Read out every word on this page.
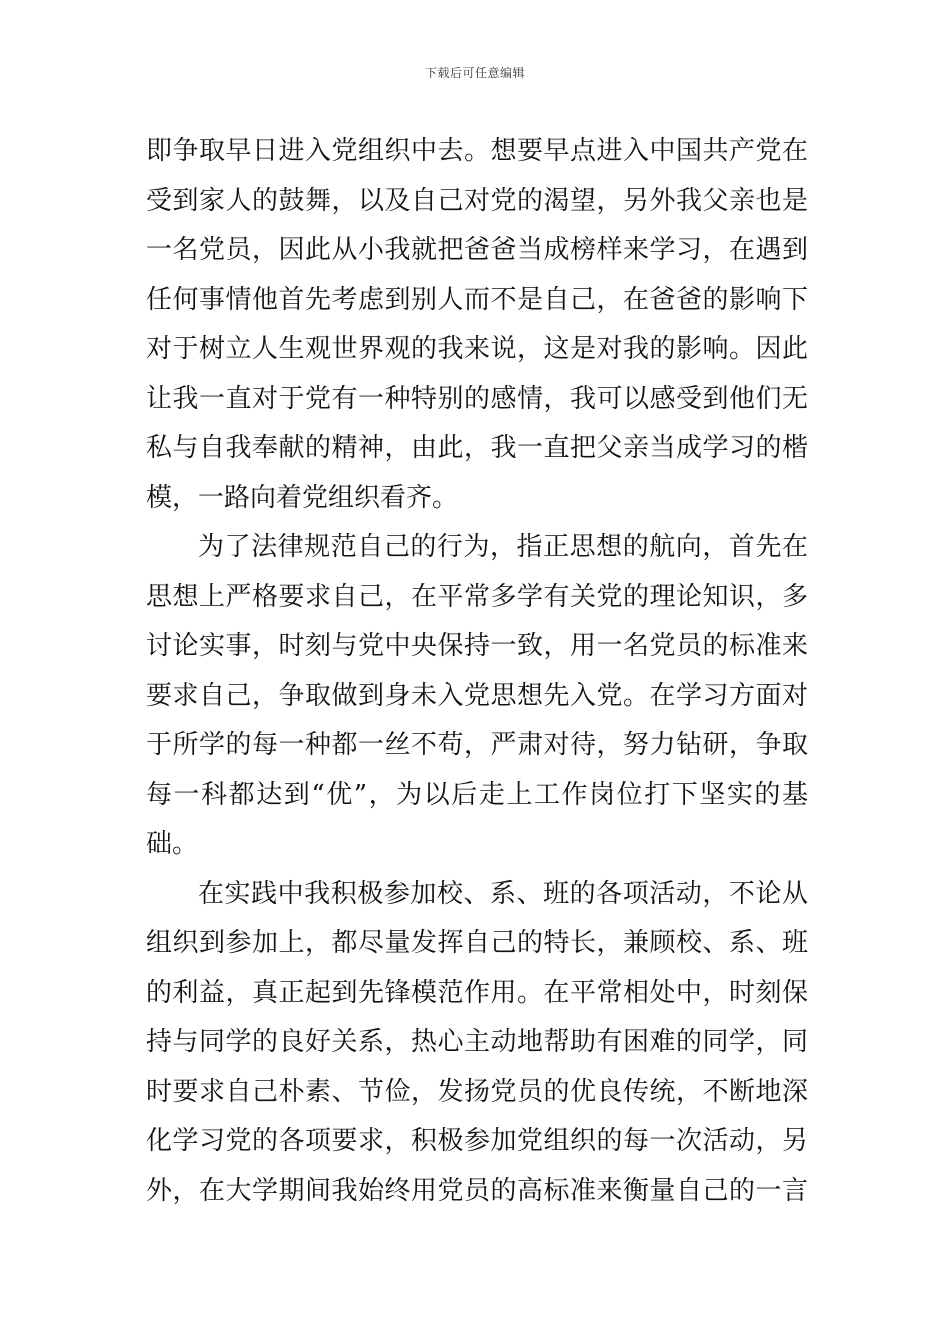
下载后可任意编辑
即争取早日进入党组织中去。想要早点进入中国共产党在
受到家人的鼓舞，以及自己对党的渴望，另外我父亲也是
一名党员，因此从小我就把爸爸当成榜样来学习，在遇到
任何事情他首先考虑到别人而不是自己，在爸爸的影响下
对于树立人生观世界观的我来说，这是对我的影响。因此
让我一直对于党有一种特别的感情，我可以感受到他们无
私与自我奉献的精神，由此，我一直把父亲当成学习的楷
模，一路向着党组织看齐。
为了法律规范自己的行为，指正思想的航向，首先在
思想上严格要求自己，在平常多学有关党的理论知识，多
讨论实事，时刻与党中央保持一致，用一名党员的标准来
要求自己，争取做到身未入党思想先入党。在学习方面对
于所学的每一种都一丝不苟，严肃对待，努力钻研，争取
每一科都达到“优”，为以后走上工作岗位打下坚实的基
础。
在实践中我积极参加校、系、班的各项活动，不论从
组织到参加上，都尽量发挥自己的特长，兼顾校、系、班
的利益，真正起到先锋模范作用。在平常相处中，时刻保
持与同学的良好关系，热心主动地帮助有困难的同学，同
时要求自己朴素、节俭，发扬党员的优良传统，不断地深
化学习党的各项要求，积极参加党组织的每一次活动，另
外，在大学期间我始终用党员的高标准来衡量自己的一言
